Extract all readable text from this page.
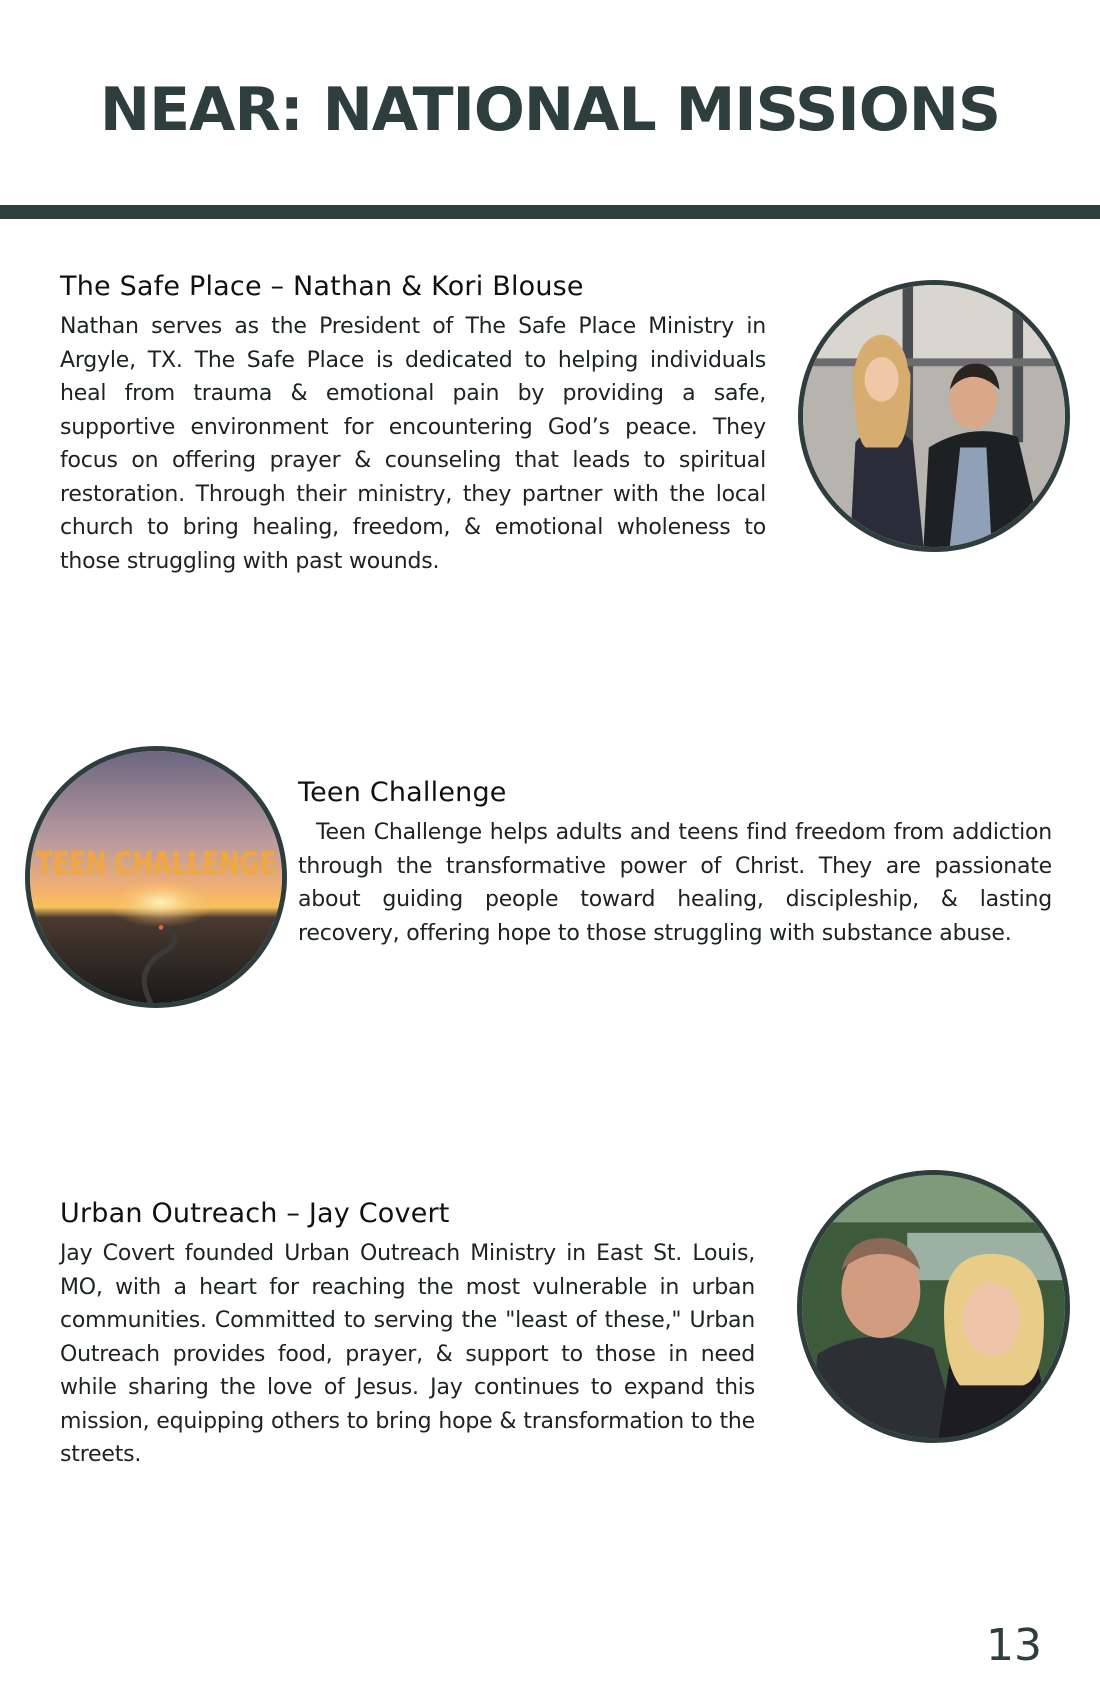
NEAR: NATIONAL MISSIONS
The Safe Place – Nathan & Kori Blouse

Nathan serves as the President of The Safe Place Ministry in Argyle, TX. The Safe Place is dedicated to helping individuals heal from trauma & emotional pain by providing a safe, supportive environment for encountering God’s peace. They focus on offering prayer & counseling that leads to spiritual restoration. Through their ministry, they partner with the local church to bring healing, freedom, & emotional wholeness to those struggling with past wounds.

TEEN CHALLENGE
Teen Challenge

Teen Challenge helps adults and teens find freedom from addiction through the transformative power of Christ. They are passionate about guiding people toward healing, discipleship, & lasting recovery, offering hope to those struggling with substance abuse.

Urban Outreach – Jay Covert

Jay Covert founded Urban Outreach Ministry in East St. Louis, MO, with a heart for reaching the most vulnerable in urban communities. Committed to serving the "least of these," Urban Outreach provides food, prayer, & support to those in need while sharing the love of Jesus. Jay continues to expand this mission, equipping others to bring hope & transformation to the streets.

13
